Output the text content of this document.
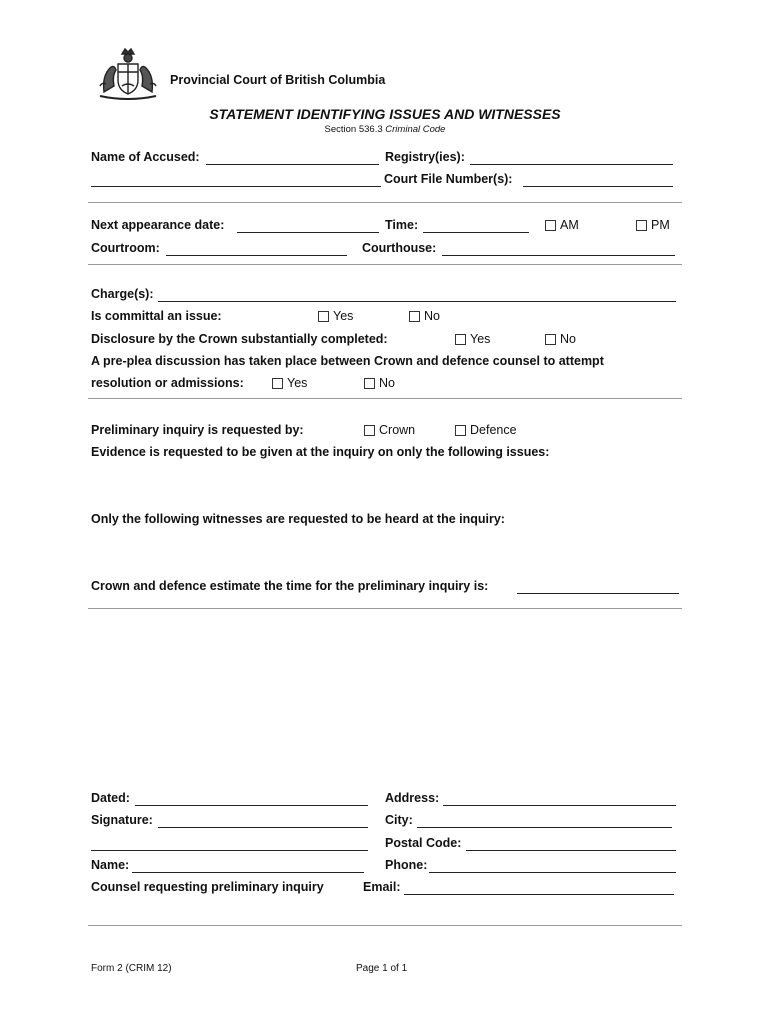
Provincial Court of British Columbia
STATEMENT IDENTIFYING ISSUES AND WITNESSES
Section 536.3 Criminal Code
Name of Accused:	Registry(ies):
Court File Number(s):
Next appearance date:	Time:	AM	PM
Courtroom:	Courthouse:
Charge(s):
Is committal an issue:	Yes	No
Disclosure by the Crown substantially completed:	Yes	No
A pre-plea discussion has taken place between Crown and defence counsel to attempt
resolution or admissions:	Yes	No
Preliminary inquiry is requested by:	Crown	Defence
Evidence is requested to be given at the inquiry on only the following issues:
Only the following witnesses are requested to be heard at the inquiry:
Crown and defence estimate the time for the preliminary inquiry is:
Dated:	Address:
Signature:	City:
Postal Code:
Name:	Phone:
Counsel requesting preliminary inquiry	Email:
Form 2 (CRIM 12)	Page 1 of 1
